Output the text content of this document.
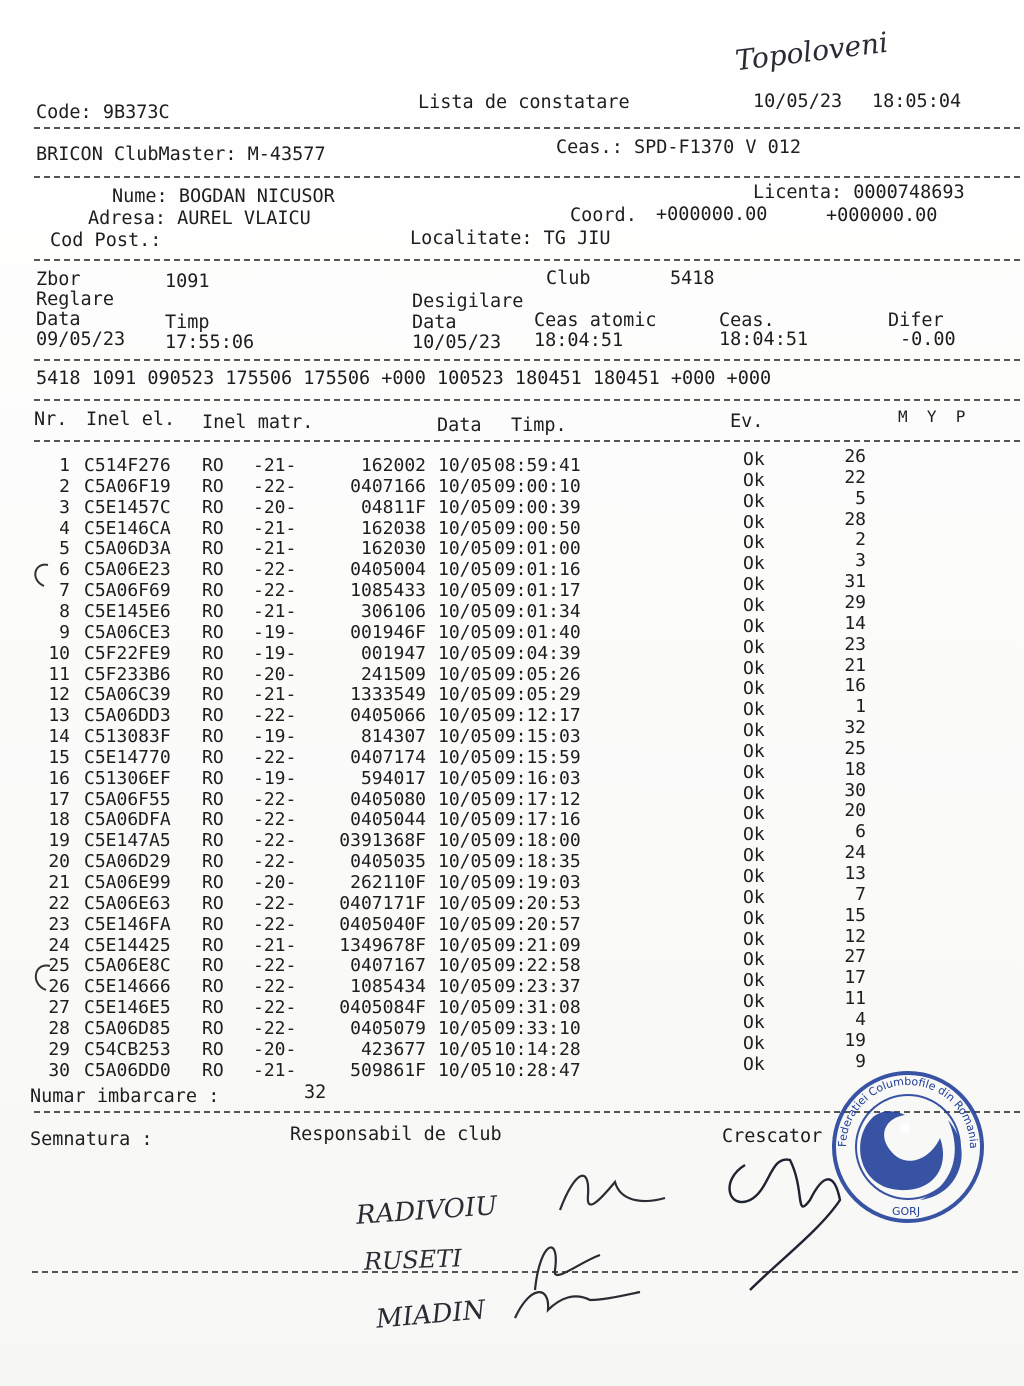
Topoloveni
Code: 9B373C	Lista de constatare	10/05/23 18:05:04
BRICON ClubMaster: M-43577	Ceas.: SPD-F1370 V 012
Nume: BOGDAN NICUSOR	Licenta: 0000748693
Adresa: AUREL VLAICU	Coord. +000000.00	+000000.00
Cod Post.:	Localitate: TG JIU
Zbor	1091	Club	5418
Reglare	Desigilare
Data	Timp	Data	Ceas atomic	Ceas.	Difer
09/05/23 17:55:06	10/05/23 18:04:51	18:04:51	-0.00
5418 1091 090523 175506 175506 +000 100523 180451 180451 +000 +000
Nr. Inel el. Inel matr.	Data Timp.	Ev.	M  Y  P
1 C514F276 RO -21-	162002 10/05 08:59:41	Ok	26
2 C5A06F19 RO -22-	0407166 10/05 09:00:10	Ok	22
3 C5E1457C RO -20-	04811F 10/05 09:00:39	Ok	5
4 C5E146CA RO -21-	162038 10/05 09:00:50	Ok	28
5 C5A06D3A RO -21-	162030 10/05 09:01:00	Ok	2
6 C5A06E23 RO -22-	0405004 10/05 09:01:16	Ok	3
7 C5A06F69 RO -22-	1085433 10/05 09:01:17	Ok	31
8 C5E145E6 RO -21-	306106 10/05 09:01:34	Ok	29
9 C5A06CE3 RO -19-	001946F 10/05 09:01:40	Ok	14
10 C5F22FE9 RO -19-	001947 10/05 09:04:39	Ok	23
11 C5F233B6 RO -20-	241509 10/05 09:05:26	Ok	21
12 C5A06C39 RO -21-	1333549 10/05 09:05:29	Ok	16
13 C5A06DD3 RO -22-	0405066 10/05 09:12:17	Ok	1
14 C513083F RO -19-	814307 10/05 09:15:03	Ok	32
15 C5E14770 RO -22-	0407174 10/05 09:15:59	Ok	25
16 C51306EF RO -19-	594017 10/05 09:16:03	Ok	18
17 C5A06F55 RO -22-	0405080 10/05 09:17:12	Ok	30
18 C5A06DFA RO -22-	0405044 10/05 09:17:16	Ok	20
19 C5E147A5 RO -22-	0391368F 10/05 09:18:00	Ok	6
20 C5A06D29 RO -22-	0405035 10/05 09:18:35	Ok	24
21 C5A06E99 RO -20-	262110F 10/05 09:19:03	Ok	13
22 C5A06E63 RO -22-	0407171F 10/05 09:20:53	Ok	7
23 C5E146FA RO -22-	0405040F 10/05 09:20:57	Ok	15
24 C5E14425 RO -21-	1349678F 10/05 09:21:09	Ok	12
25 C5A06E8C RO -22-	0407167 10/05 09:22:58	Ok	27
26 C5E14666 RO -22-	1085434 10/05 09:23:37	Ok	17
27 C5E146E5 RO -22-	0405084F 10/05 09:31:08	Ok	11
28 C5A06D85 RO -22-	0405079 10/05 09:33:10	Ok	4
29 C54CB253 RO -20-	423677 10/05 10:14:28	Ok	19
30 C5A06DD0 RO -21-	509861F 10/05 10:28:47	Ok	9
Numar imbarcare :	32
Semnatura :	Responsabil de club	Crescator
RADIVOIU
RUSETI
MIADIN
Federatiei Columbofile din Romania
GORJ
